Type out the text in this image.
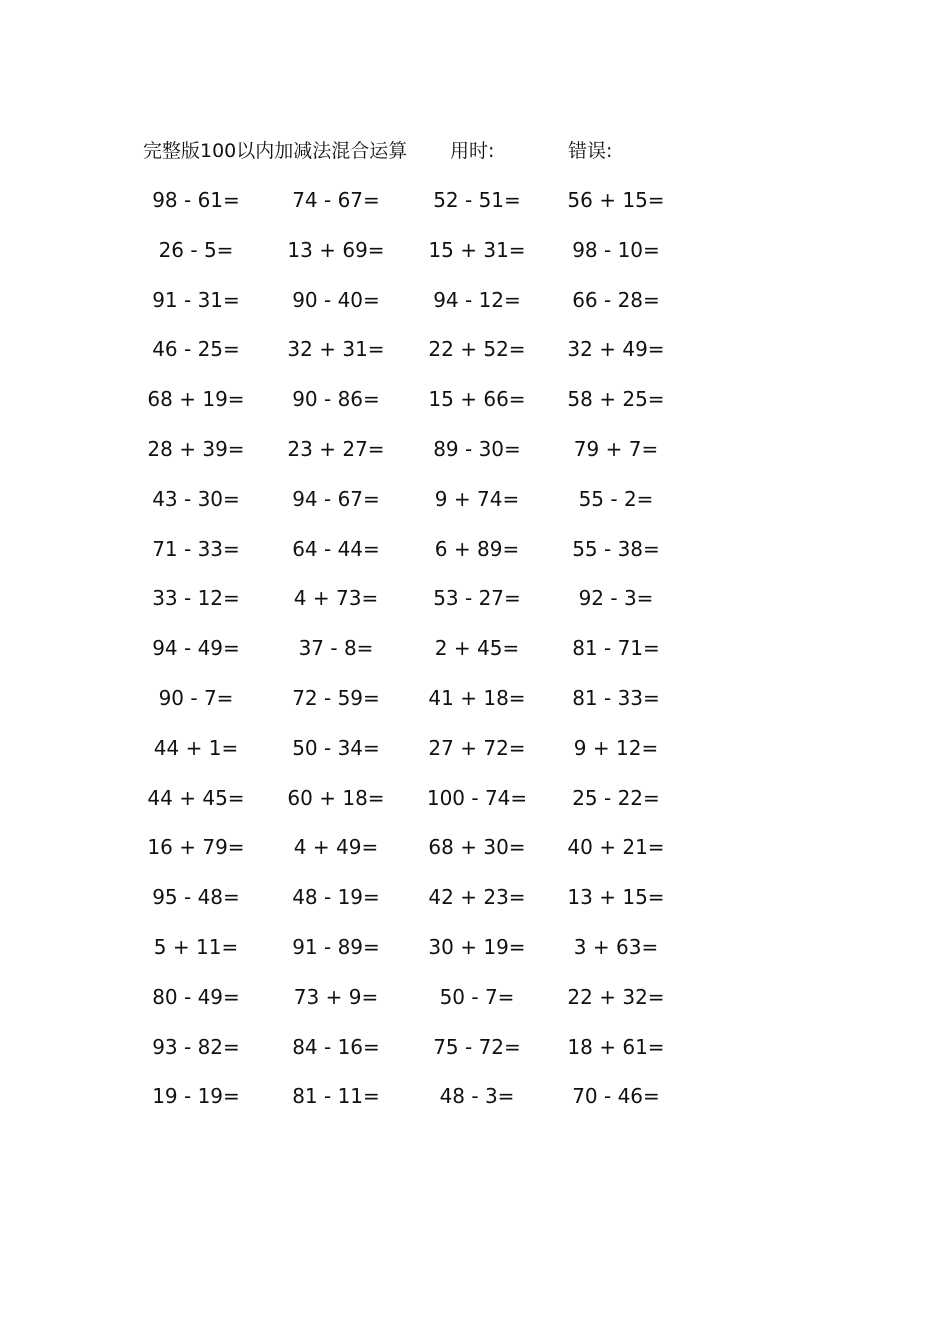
完整版100以内加减法混合运算 用时:	错误:
98 - 61=	74 - 67=	52 - 51=	56 + 15=
26 - 5=	13 + 69=	15 + 31=	98 - 10=
91 - 31=	90 - 40=	94 - 12=	66 - 28=
46 - 25=	32 + 31=	22 + 52=	32 + 49=
68 + 19=	90 - 86=	15 + 66=	58 + 25=
28 + 39=	23 + 27=	89 - 30=	79 + 7=
43 - 30=	94 - 67=	9 + 74=	55 - 2=
71 - 33=	64 - 44=	6 + 89=	55 - 38=
33 - 12=	4 + 73=	53 - 27=	92 - 3=
94 - 49=	37 - 8=	2 + 45=	81 - 71=
90 - 7=	72 - 59=	41 + 18=	81 - 33=
44 + 1=	50 - 34=	27 + 72=	9 + 12=
44 + 45=	60 + 18=	100 - 74=	25 - 22=
16 + 79=	4 + 49=	68 + 30=	40 + 21=
95 - 48=	48 - 19=	42 + 23=	13 + 15=
5 + 11=	91 - 89=	30 + 19=	3 + 63=
80 - 49=	73 + 9=	50 - 7=	22 + 32=
93 - 82=	84 - 16=	75 - 72=	18 + 61=
19 - 19=	81 - 11=	48 - 3=	70 - 46=
